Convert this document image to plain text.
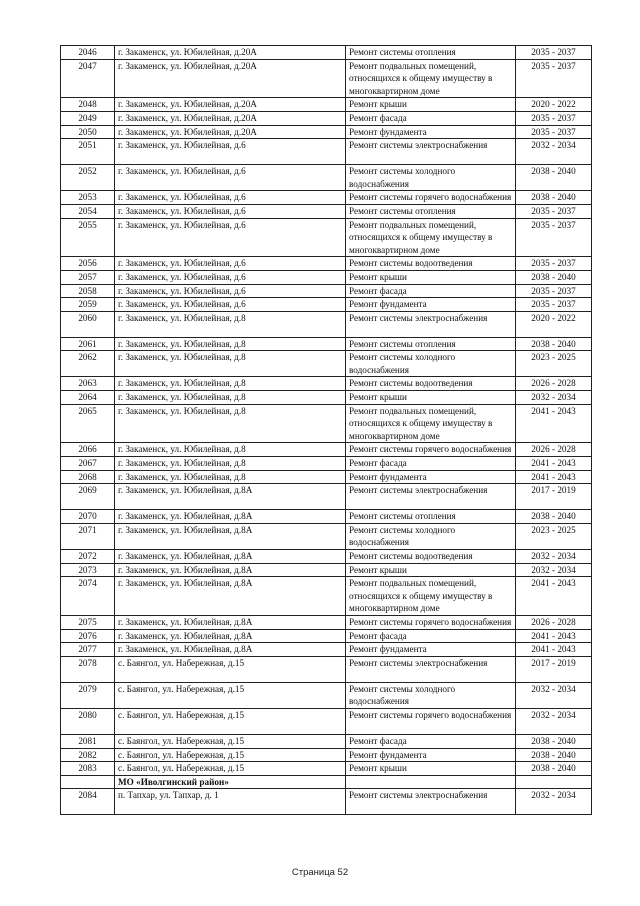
2046	г. Закаменск, ул. Юбилейная, д.20А	Ремонт системы отопления	2035 - 2037
2047	г. Закаменск, ул. Юбилейная, д.20А	Ремонт подвальных помещений, относящихся к общему имуществу в многоквартирном доме	2035 - 2037
2048	г. Закаменск, ул. Юбилейная, д.20А	Ремонт крыши	2020 - 2022
2049	г. Закаменск, ул. Юбилейная, д.20А	Ремонт фасада	2035 - 2037
2050	г. Закаменск, ул. Юбилейная, д.20А	Ремонт фундамента	2035 - 2037
2051	г. Закаменск, ул. Юбилейная, д.6	Ремонт системы электроснабжения	2032 - 2034
2052	г. Закаменск, ул. Юбилейная, д.6	Ремонт системы холодного водоснабжения	2038 - 2040
2053	г. Закаменск, ул. Юбилейная, д.6	Ремонт системы горячего водоснабжения	2038 - 2040
2054	г. Закаменск, ул. Юбилейная, д.6	Ремонт системы отопления	2035 - 2037
2055	г. Закаменск, ул. Юбилейная, д.6	Ремонт подвальных помещений, относящихся к общему имуществу в многоквартирном доме	2035 - 2037
2056	г. Закаменск, ул. Юбилейная, д.6	Ремонт системы водоотведения	2035 - 2037
2057	г. Закаменск, ул. Юбилейная, д.6	Ремонт крыши	2038 - 2040
2058	г. Закаменск, ул. Юбилейная, д.6	Ремонт фасада	2035 - 2037
2059	г. Закаменск, ул. Юбилейная, д.6	Ремонт фундамента	2035 - 2037
2060	г. Закаменск, ул. Юбилейная, д.8	Ремонт системы электроснабжения	2020 - 2022
2061	г. Закаменск, ул. Юбилейная, д.8	Ремонт системы отопления	2038 - 2040
2062	г. Закаменск, ул. Юбилейная, д.8	Ремонт системы холодного водоснабжения	2023 - 2025
2063	г. Закаменск, ул. Юбилейная, д.8	Ремонт системы водоотведения	2026 - 2028
2064	г. Закаменск, ул. Юбилейная, д.8	Ремонт крыши	2032 - 2034
2065	г. Закаменск, ул. Юбилейная, д.8	Ремонт подвальных помещений, относящихся к общему имуществу в многоквартирном доме	2041 - 2043
2066	г. Закаменск, ул. Юбилейная, д.8	Ремонт системы горячего водоснабжения	2026 - 2028
2067	г. Закаменск, ул. Юбилейная, д.8	Ремонт фасада	2041 - 2043
2068	г. Закаменск, ул. Юбилейная, д.8	Ремонт фундамента	2041 - 2043
2069	г. Закаменск, ул. Юбилейная, д.8А	Ремонт системы электроснабжения	2017 - 2019
2070	г. Закаменск, ул. Юбилейная, д.8А	Ремонт системы отопления	2038 - 2040
2071	г. Закаменск, ул. Юбилейная, д.8А	Ремонт системы холодного водоснабжения	2023 - 2025
2072	г. Закаменск, ул. Юбилейная, д.8А	Ремонт системы водоотведения	2032 - 2034
2073	г. Закаменск, ул. Юбилейная, д.8А	Ремонт крыши	2032 - 2034
2074	г. Закаменск, ул. Юбилейная, д.8А	Ремонт подвальных помещений, относящихся к общему имуществу в многоквартирном доме	2041 - 2043
2075	г. Закаменск, ул. Юбилейная, д.8А	Ремонт системы горячего водоснабжения	2026 - 2028
2076	г. Закаменск, ул. Юбилейная, д.8А	Ремонт фасада	2041 - 2043
2077	г. Закаменск, ул. Юбилейная, д.8А	Ремонт фундамента	2041 - 2043
2078	с. Баянгол, ул. Набережная, д.15	Ремонт системы электроснабжения	2017 - 2019
2079	с. Баянгол, ул. Набережная, д.15	Ремонт системы холодного водоснабжения	2032 - 2034
2080	с. Баянгол, ул. Набережная, д.15	Ремонт системы горячего водоснабжения	2032 - 2034
2081	с. Баянгол, ул. Набережная, д.15	Ремонт фасада	2038 - 2040
2082	с. Баянгол, ул. Набережная, д.15	Ремонт фундамента	2038 - 2040
2083	с. Баянгол, ул. Набережная, д.15	Ремонт крыши	2038 - 2040
	МО «Иволгинский район»		
2084	п. Тапхар, ул. Тапхар, д. 1	Ремонт системы электроснабжения	2032 - 2034
Страница 52
